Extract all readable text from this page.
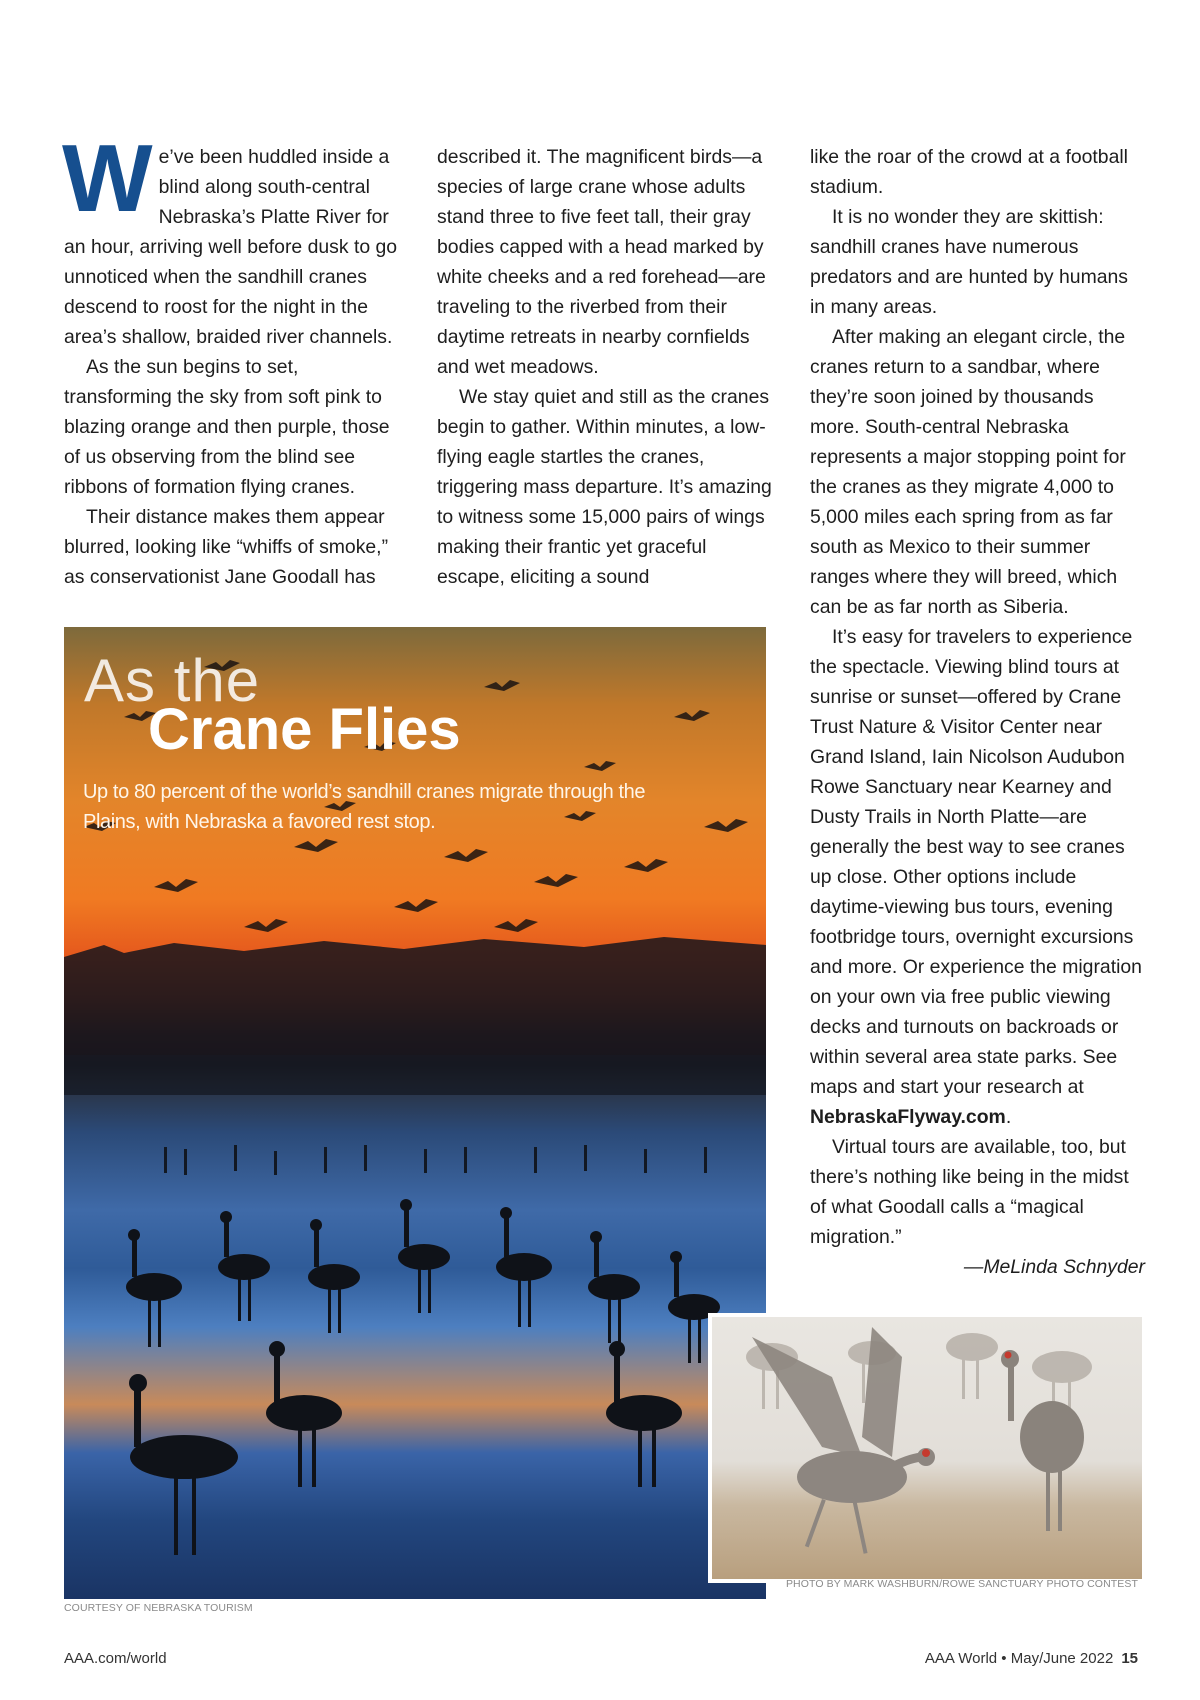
We’ve been huddled inside a blind along south-central Nebraska’s Platte River for an hour, arriving well before dusk to go unnoticed when the sandhill cranes descend to roost for the night in the area’s shallow, braided river channels.

As the sun begins to set, transforming the sky from soft pink to blazing orange and then purple, those of us observing from the blind see ribbons of formation flying cranes.

Their distance makes them appear blurred, looking like “whiffs of smoke,” as conservationist Jane Goodall has

described it. The magnificent birds—a species of large crane whose adults stand three to five feet tall, their gray bodies capped with a head marked by white cheeks and a red forehead—are traveling to the riverbed from their daytime retreats in nearby cornfields and wet meadows.

We stay quiet and still as the cranes begin to gather. Within minutes, a low-flying eagle startles the cranes, triggering mass departure. It’s amazing to witness some 15,000 pairs of wings making their frantic yet graceful escape, eliciting a sound

like the roar of the crowd at a football stadium.

It is no wonder they are skittish: sandhill cranes have numerous predators and are hunted by humans in many areas.

After making an elegant circle, the cranes return to a sandbar, where they’re soon joined by thousands more. South-central Nebraska represents a major stopping point for the cranes as they migrate 4,000 to 5,000 miles each spring from as far south as Mexico to their summer ranges where they will breed, which can be as far north as Siberia.

It’s easy for travelers to experience the spectacle. Viewing blind tours at sunrise or sunset—offered by Crane Trust Nature & Visitor Center near Grand Island, Iain Nicolson Audubon Rowe Sanctuary near Kearney and Dusty Trails in North Platte—are generally the best way to see cranes up close. Other options include daytime-viewing bus tours, evening footbridge tours, overnight excursions and more. Or experience the migration on your own via free public viewing decks and turnouts on backroads or within several area state parks. See maps and start your research at NebraskaFlyway.com.

Virtual tours are available, too, but there’s nothing like being in the midst of what Goodall calls a “magical migration.”

—MeLinda Schnyder

As the
Crane Flies
Up to 80 percent of the world’s sandhill cranes migrate through the Plains, with Nebraska a favored rest stop.
COURTESY OF NEBRASKA TOURISM
PHOTO BY MARK WASHBURN/ROWE SANCTUARY PHOTO CONTEST
AAA.com/world	AAA World • May/June 2022 15
